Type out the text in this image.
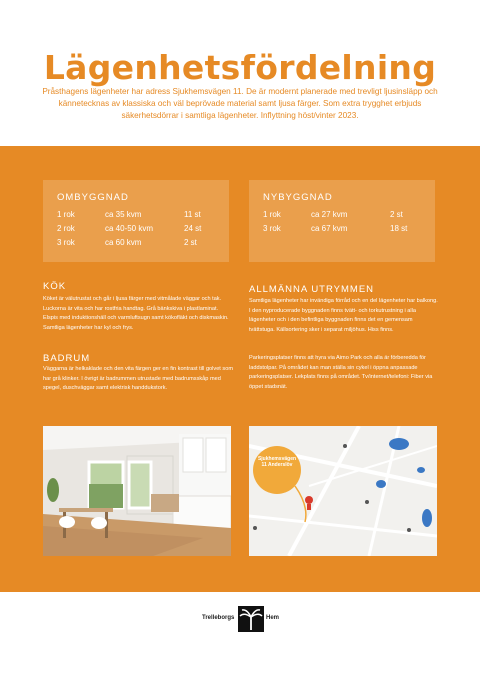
Lägenhetsfördelning

Pråsthagens lägenheter har adress Sjukhemsvägen 11. De är modernt planerade med trevligt ljusinsläpp och kännetecknas av klassiska och väl beprövade material samt ljusa färger. Som extra trygghet erbjuds säkerhetsdörrar i samtliga lägenheter. Inflyttning höst/vinter 2023.

OMBYGGNAD
1 rok	ca 35 kvm	11 st
2 rok	ca 40-50 kvm	24 st
3 rok	ca 60 kvm	2 st
NYBYGGNAD
1 rok	ca 27 kvm	2 st
3 rok	ca 67 kvm	18 st
KÖK

Köket är välutrustat och går i ljusa färger med vitmålade väggar och tak. Luckorna är vita och har rostfria handtag. Grå bänkskiva i plastlaminat. Elspis med induktionshäll och varmluftsugn samt kökofläkt och diskmaskin. Samtliga lägenheter har kyl och frys.

BADRUM

Väggarna är helkaklade och den vita färgen ger en fin kontrast till golvet som har grå klinker. I övrigt är badrummen utrustade med badrumsskåp med spegel, duschväggar samt elektrisk handdukstork.

ALLMÄNNA UTRYMMEN

Samtliga lägenheter har invändiga förråd och en del lägenheter har balkong. I den nyproducerade byggnaden finns tvätt- och torkutrustning i alla lägenheter och i den befintliga byggnaden finns det en gemensam tvättstuga. Källsortering sker i separat miljöhus. Hiss finns.

Parkeringsplatser finns att hyra via Aimo Park och alla är förberedda för laddstolpar. På området kan man ställa sin cykel i öppna anpassade parkeringsplatser. Lekplats finns på området. Tv/internet/telefoni: Fiber via öppet stadsnät.

Sjukhemsvägen 11 Anderslöv
Trelleborgs	Hem
